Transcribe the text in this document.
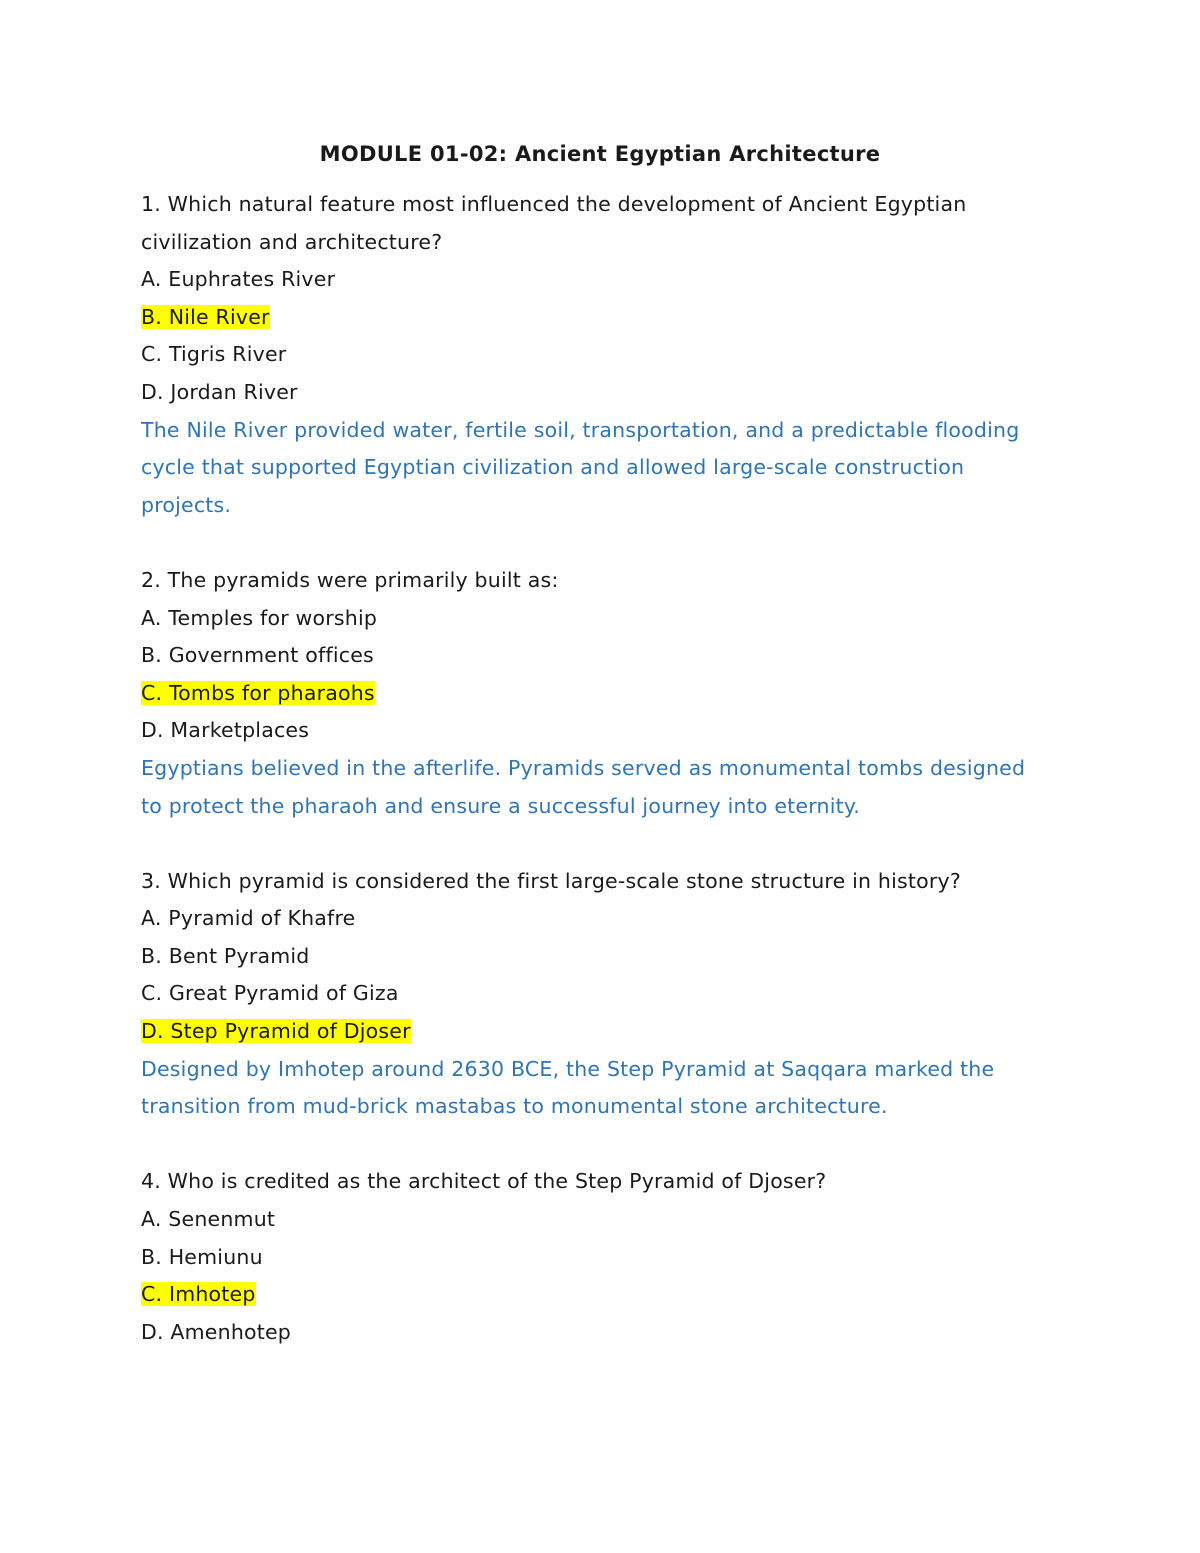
MODULE 01-02: Ancient Egyptian Architecture
1. Which natural feature most influenced the development of Ancient Egyptian
civilization and architecture?
A. Euphrates River
B. Nile River
C. Tigris River
D. Jordan River
The Nile River provided water, fertile soil, transportation, and a predictable flooding
cycle that supported Egyptian civilization and allowed large-scale construction
projects.
2. The pyramids were primarily built as:
A. Temples for worship
B. Government offices
C. Tombs for pharaohs
D. Marketplaces
Egyptians believed in the afterlife. Pyramids served as monumental tombs designed
to protect the pharaoh and ensure a successful journey into eternity.
3. Which pyramid is considered the first large-scale stone structure in history?
A. Pyramid of Khafre
B. Bent Pyramid
C. Great Pyramid of Giza
D. Step Pyramid of Djoser
Designed by Imhotep around 2630 BCE, the Step Pyramid at Saqqara marked the
transition from mud-brick mastabas to monumental stone architecture.
4. Who is credited as the architect of the Step Pyramid of Djoser?
A. Senenmut
B. Hemiunu
C. Imhotep
D. Amenhotep
